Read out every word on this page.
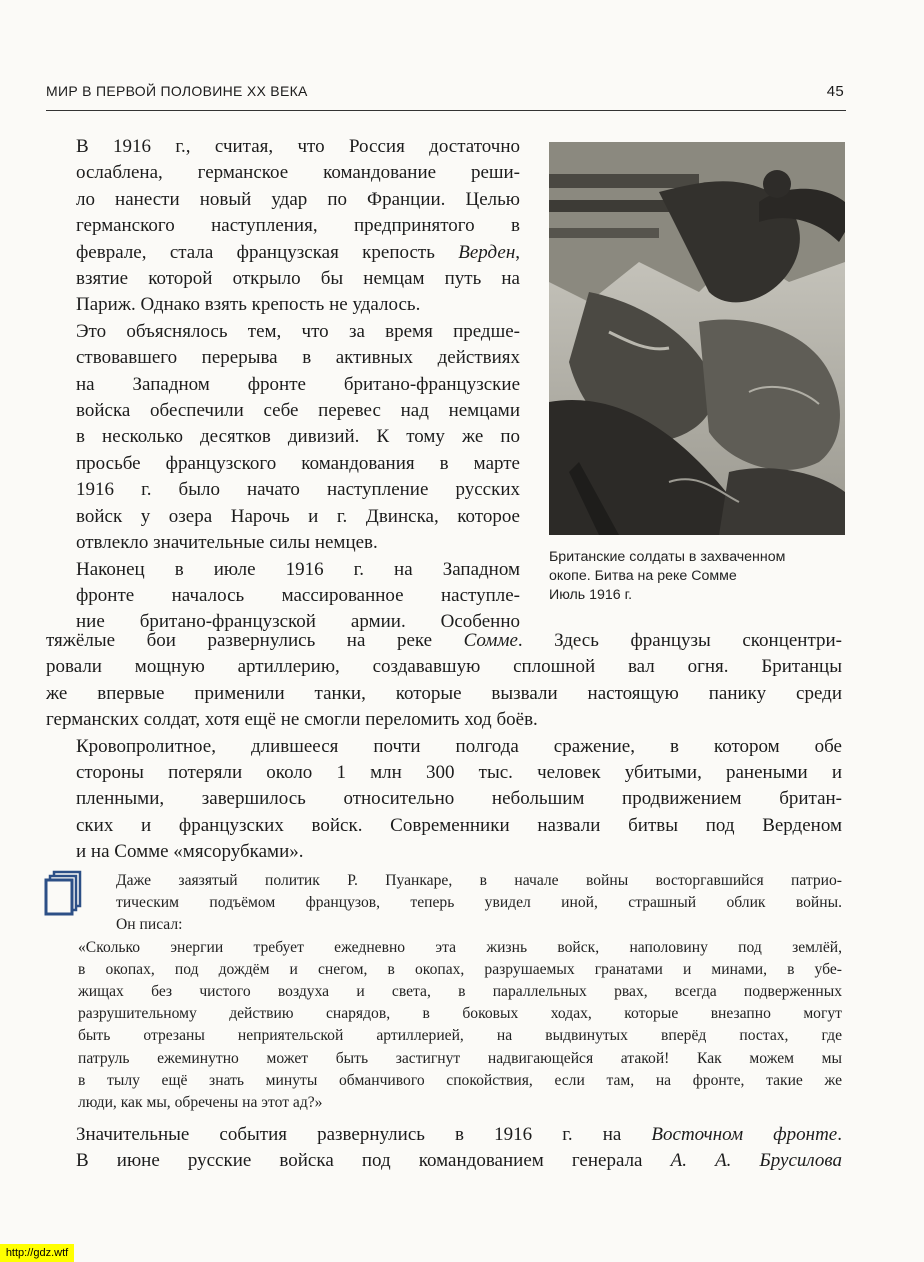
МИР В ПЕРВОЙ ПОЛОВИНЕ XX ВЕКА	45

В 1916 г., считая, что Россия достаточно
ослаблена, германское командование реши-
ло нанести новый удар по Франции. Целью
германского наступления, предпринятого в
феврале, стала французская крепость Верден,
взятие которой открыло бы немцам путь на
Париж. Однако взять крепость не удалось.

Это объяснялось тем, что за время предше-
ствовавшего перерыва в активных действиях
на Западном фронте британо-французские
войска обеспечили себе перевес над немцами
в несколько десятков дивизий. К тому же по
просьбе французского командования в марте
1916 г. было начато наступление русских
войск у озера Нарочь и г. Двинска, которое
отвлекло значительные силы немцев.

Наконец в июле 1916 г. на Западном
фронте началось массированное наступле-
ние британо-французской армии. Особенно

Британские солдаты в захваченном
окопе. Битва на реке Сомме
Июль 1916 г.

тяжёлые бои развернулись на реке Сомме. Здесь французы сконцентри-
ровали мощную артиллерию, создававшую сплошной вал огня. Британцы
же впервые применили танки, которые вызвали настоящую панику среди
германских солдат, хотя ещё не смогли переломить ход боёв.

Кровопролитное, длившееся почти полгода сражение, в котором обе
стороны потеряли около 1 млн 300 тыс. человек убитыми, ранеными и
пленными, завершилось относительно небольшим продвижением британ-
ских и французских войск. Современники назвали битвы под Верденом
и на Сомме «мясорубками».

Даже заязятый политик Р. Пуанкаре, в начале войны восторгавшийся патрио-
тическим подъёмом французов, теперь увидел иной, страшный облик войны.
Он писал:
«Сколько энергии требует ежедневно эта жизнь войск, наполовину под землёй,
в окопах, под дождём и снегом, в окопах, разрушаемых гранатами и минами, в убе-
жищах без чистого воздуха и света, в параллельных рвах, всегда подверженных
разрушительному действию снарядов, в боковых ходах, которые внезапно могут
быть отрезаны неприятельской артиллерией, на выдвинутых вперёд постах, где
патруль ежеминутно может быть застигнут надвигающейся атакой! Как можем мы
в тылу ещё знать минуты обманчивого спокойствия, если там, на фронте, такие же
люди, как мы, обречены на этот ад?»

Значительные события развернулись в 1916 г. на Восточном фронте.
В июне русские войска под командованием генерала А. А. Брусилова

http://gdz.wtf
